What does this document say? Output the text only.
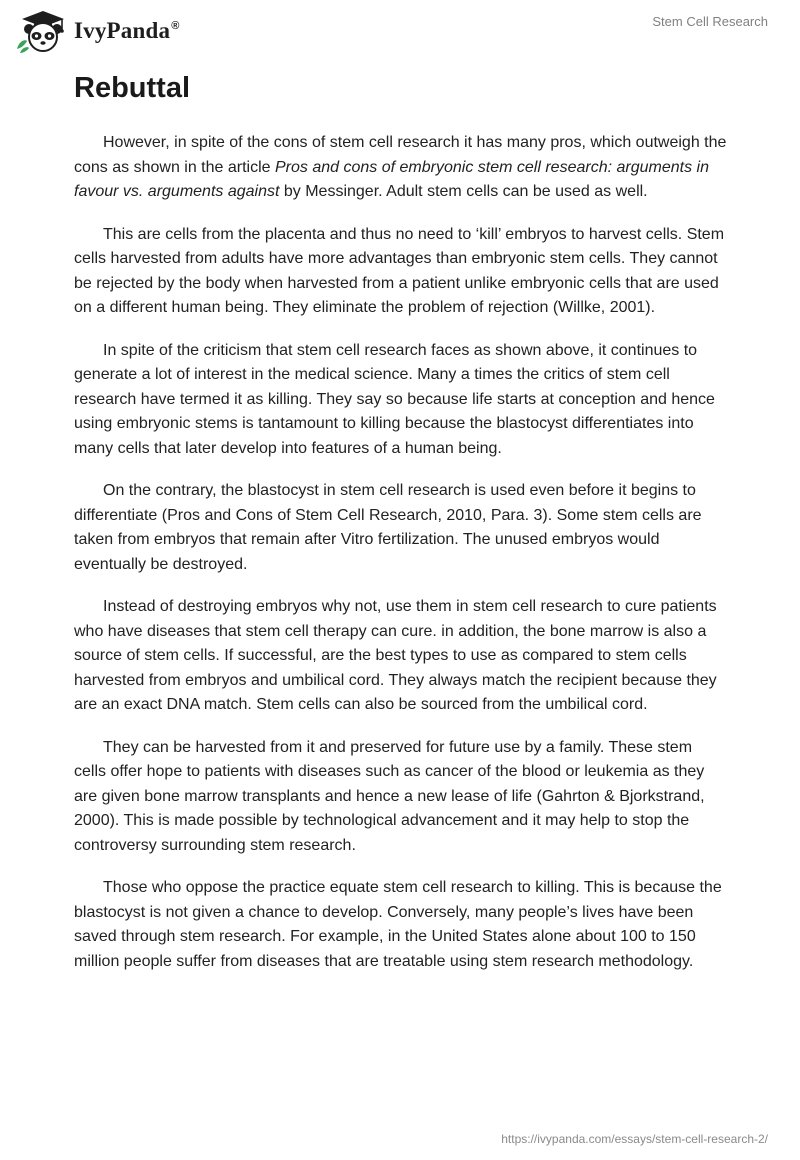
IvyPanda®	Stem Cell Research
Rebuttal

However, in spite of the cons of stem cell research it has many pros, which outweigh the cons as shown in the article Pros and cons of embryonic stem cell research: arguments in favour vs. arguments against by Messinger. Adult stem cells can be used as well.

This are cells from the placenta and thus no need to ‘kill’ embryos to harvest cells. Stem cells harvested from adults have more advantages than embryonic stem cells. They cannot be rejected by the body when harvested from a patient unlike embryonic cells that are used on a different human being. They eliminate the problem of rejection (Willke, 2001).

In spite of the criticism that stem cell research faces as shown above, it continues to generate a lot of interest in the medical science. Many a times the critics of stem cell research have termed it as killing. They say so because life starts at conception and hence using embryonic stems is tantamount to killing because the blastocyst differentiates into many cells that later develop into features of a human being.

On the contrary, the blastocyst in stem cell research is used even before it begins to differentiate (Pros and Cons of Stem Cell Research, 2010, Para. 3). Some stem cells are taken from embryos that remain after Vitro fertilization. The unused embryos would eventually be destroyed.

Instead of destroying embryos why not, use them in stem cell research to cure patients who have diseases that stem cell therapy can cure. in addition, the bone marrow is also a source of stem cells. If successful, are the best types to use as compared to stem cells harvested from embryos and umbilical cord. They always match the recipient because they are an exact DNA match. Stem cells can also be sourced from the umbilical cord.

They can be harvested from it and preserved for future use by a family. These stem cells offer hope to patients with diseases such as cancer of the blood or leukemia as they are given bone marrow transplants and hence a new lease of life (Gahrton & Bjorkstrand, 2000). This is made possible by technological advancement and it may help to stop the controversy surrounding stem research.

Those who oppose the practice equate stem cell research to killing. This is because the blastocyst is not given a chance to develop. Conversely, many people’s lives have been saved through stem research. For example, in the United States alone about 100 to 150 million people suffer from diseases that are treatable using stem research methodology.

https://ivypanda.com/essays/stem-cell-research-2/
